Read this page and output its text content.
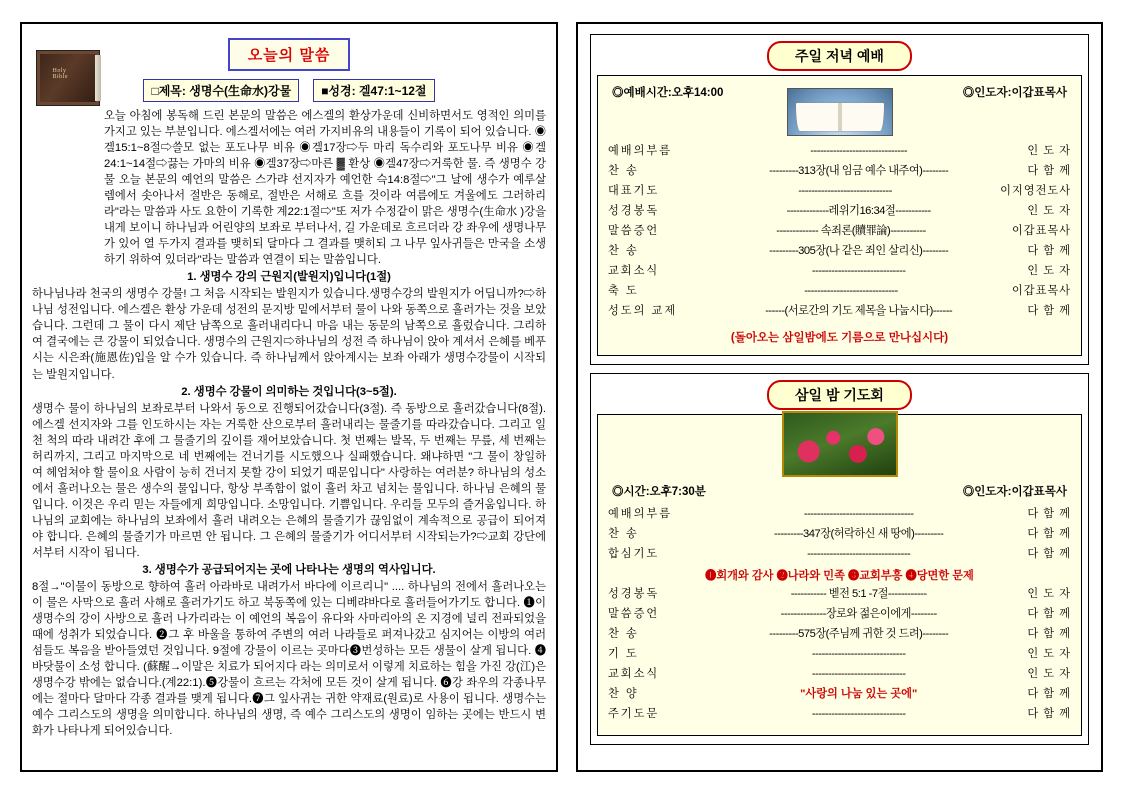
Holy Bible
오늘의 말씀
□제목: 생명수(生命水)강물	■성경: 겔47:1~12절

오늘 아침에 봉독해 드린 본문의 말씀은 에스겔의 환상가운데 신비하면서도 영적인 의미를 가지고 있는 부분입니다. 에스겔서에는 여러 가지비유의 내용들이 기록이 되어 있습니다. ◉겔15:1~8절⇨쓸모 없는 포도나무 비유 ◉겔17장⇨두 마리 독수리와 포도나무 비유 ◉겔24:1~14절⇨끓는 가마의 비유 ◉겔37장⇨마른 ▓ 환상 ◉겔47장⇨거룩한 물. 즉 생명수 강물 오늘 본문의 예언의 말씀은 스가랴 선지자가 예언한 슥14:8절⇨"그 날에 생수가 예루살렘에서 솟아나서 절반은 동해로, 절반은 서해로 흐를 것이라 여름에도 겨울에도 그러하리라"라는 말씀과 사도 요한이 기록한 계22:1절⇨"또 저가 수정같이 맑은 생명수(生命水 )강을 내게 보이니 하나님과 어린양의 보좌로 부터나서, 길 가운데로 흐르더라 강 좌우에 생명나무가 있어 열 두가지 결과를 맺히되 달마다 그 결과를 맺히되 그 나무 잎사귀들은 만국을 소생하기 위하여 있더라"라는 말씀과 연결이 되는 말씀입니다.

1. 생명수 강의 근원지(발원지)입니다(1절)

하나님나라 천국의 생명수 강물! 그 처음 시작되는 발원지가 있습니다.생명수강의 발원지가 어딥니까?⇨하나님 성전입니다. 에스겔은 환상 가운데 성전의 문지방 밑에서부터 물이 나와 동쪽으로 흘러가는 것을 보았습니다. 그런데 그 물이 다시 제단 남쪽으로 흘러내리다니 마음 내는 동문의 남쪽으로 흘렀습니다. 그리하여 결국에는 큰 강물이 되었습니다. 생명수의 근원지⇨하나님의 성전 즉 하나님이 앉아 계셔서 은혜를 베푸시는 시은좌(施恩佐)입을 알 수가 있습니다. 즉 하나님께서 앉아계시는 보좌 아래가 생명수강물이 시작되는 발원지입니다.

2. 생명수 강물이 의미하는 것입니다(3~5절).

생명수 물이 하나님의 보좌로부터 나와서 동으로 진행되어갔습니다(3절). 즉 동방으로 흘러갔습니다(8절). 에스겔 선지자와 그를 인도하시는 자는 거룩한 산으로부터 흘러내리는 물줄기를 따라갔습니다. 그리고 일천 척의 따라 내려간 후에 그 물줄기의 깊이를 재어보았습니다. 첫 번째는 발목, 두 번째는 무릎, 세 번째는 허리까지, 그리고 마지막으로 네 번째에는 건너기를 시도했으나 실패했습니다. 왜냐하면 "그 물이 창일하여 헤엄쳐야 할 물이요 사람이 능히 건너지 못할 강이 되었기 때문입니다" 사랑하는 여러분? 하나님의 성소에서 흘러나오는 물은 생수의 물입니다, 항상 부족함이 없이 흘러 차고 넘치는 물입니다. 하나님 은혜의 물입니다. 이것은 우리 믿는 자들에게 희망입니다. 소망입니다. 기쁨입니다. 우리들 모두의 즐거움입니다. 하나님의 교회에는 하나님의 보좌에서 흘러 내려오는 은혜의 물줄기가 끊임없이 계속적으로 공급이 되어져야 합니다. 은혜의 물줄기가 마르면 안 됩니다. 그 은혜의 물줄기가 어디서부터 시작되는가?⇨교회 강단에서부터 시작이 됩니다.

3. 생명수가 공급되어지는 곳에 나타나는 생명의 역사입니다.

8절→"이물이 동방으로 향하여 흘러 아라바로 내려가서 바다에 이르리니" .... 하나님의 전에서 흘러나오는 이 물은 사막으로 흘러 사해로 흘러가기도 하고 북동쪽에 있는 디베랴바다로 흘러들어가기도 합니다. ❶이 생명수의 강이 사방으로 흘러 나가리라는 이 예언의 복음이 유다와 사마리아의 온 지경에 널리 전파되었을 때에 성취가 되었습니다. ❷그 후 바울을 통하여 주변의 여러 나라들로 퍼져나갔고 심지어는 이방의 여러 섬들도 복음을 받아들였던 것입니다. 9절에 강물이 이르는 곳마다❸번성하는 모든 생물이 살게 됩니다. ❹바닷물이 소성 합니다. (蘇醒→이말은 치료가 되어지다 라는 의미로서 이렇게 치료하는 힘을 가진 강(江)은 생명수강 밖에는 없습니다.(계22:1).❺강물이 흐르는 각처에 모든 것이 살게 됩니다. ❻강 좌우의 각종나무에는 절마다 달마다 각종 결과를 맺게 됩니다.❼그 잎사귀는 귀한 약재료(원료)로 사용이 됩니다. 생명수는 예수 그리스도의 생명을 의미합니다. 하나님의 생명, 즉 예수 그리스도의 생명이 임하는 곳에는 반드시 변화가 나타나게 되어있습니다.

주일 저녁 예배
◎예배시간:오후14:00	◎인도자:이갑표목사
예배의부름	------------------------------	인 도 자
찬 송	---------313장(내 임금 예수 내주여)--------	다 함 께
대표기도	-----------------------------	이지영전도사
성경봉독	-------------레위기16:34절-----------	인 도 자
말씀증언	------------- 속죄론(贖罪論)-----------	이갑표목사
찬 송	---------305장(나 같은 죄인 살리신)--------	다 함 께
교회소식	-----------------------------	인 도 자
축 도	-----------------------------	이갑표목사
성도의 교제	------(서로간의 기도 제목을 나눕시다)------	다 함 께
(돌아오는 삼일밤에도 기름으로 만나십시다)
삼일 밤 기도회
◎시간:오후7:30분	◎인도자:이갑표목사
예배의부름	----------------------------------	다 함 께
찬 송	---------347장(허락하신 새 땅에)---------	다 함 께
합심기도	--------------------------------	다 함 께
❶회개와 감사 ❷나라와 민족 ❸교회부흥 ❹당면한 문제
성경봉독	----------- 벧전 5:1 -7절------------	인 도 자
말씀증언	--------------장로와 젊은이에게--------	다 함 께
찬 송	---------575장(주님께 귀한 것 드려)--------	다 함 께
기 도	-----------------------------	인 도 자
교회소식	-----------------------------	인 도 자
찬 양	"사랑의 나눔 있는 곳에"	다 함 께
주기도문	-----------------------------	다 함 께
